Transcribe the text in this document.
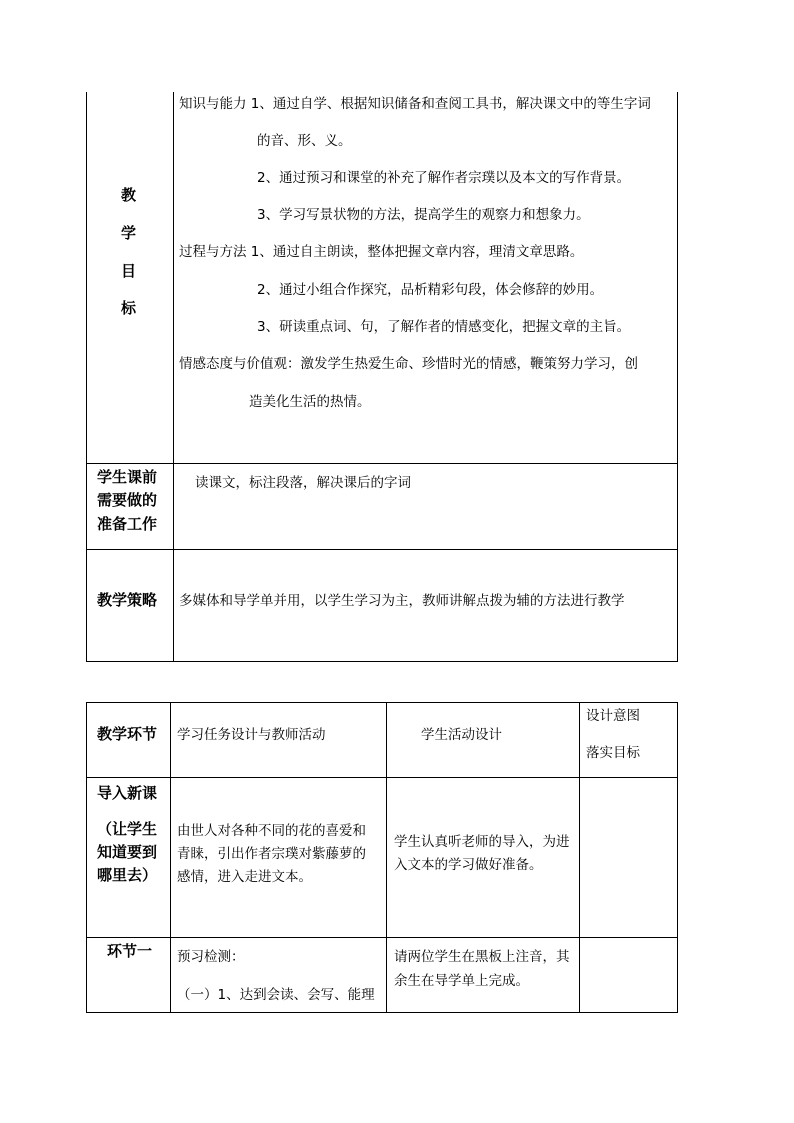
教
学
目
标
知识与能力 1、通过自学、根据知识储备和查阅工具书，解决课文中的等生字词
的音、形、义。
2、通过预习和课堂的补充了解作者宗璞以及本文的写作背景。
3、学习写景状物的方法，提高学生的观察力和想象力。
过程与方法 1、通过自主朗读，整体把握文章内容，理清文章思路。
2、通过小组合作探究，品析精彩句段，体会修辞的妙用。
3、研读重点词、句，了解作者的情感变化，把握文章的主旨。
情感态度与价值观：激发学生热爱生命、珍惜时光的情感，鞭策努力学习，创
造美化生活的热情。
学生课前
需要做的
准备工作
读课文，标注段落，解决课后的字词
教学策略 多媒体和导学单并用，以学生学习为主，教师讲解点拨为辅的方法进行教学
教学环节 学习任务设计与教师活动	学生活动设计
设计意图
落实目标
导入新课
（让学生
知道要到
哪里去）
由世人对各种不同的花的喜爱和
青睐，引出作者宗璞对紫藤萝的
感情，进入走进文本。
学生认真听老师的导入，为进
入文本的学习做好准备。
环节一 预习检测：
（一）1、达到会读、会写、能理
请两位学生在黑板上注音，其
余生在导学单上完成。
